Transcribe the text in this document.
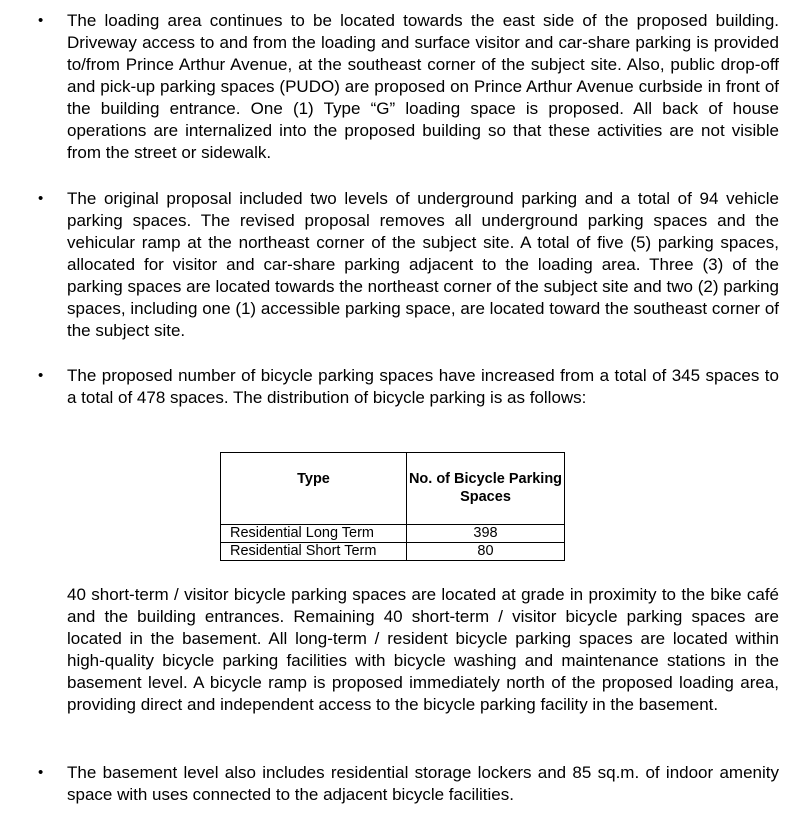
• The loading area continues to be located towards the east side of the proposed building. Driveway access to and from the loading and surface visitor and car-share parking is provided to/from Prince Arthur Avenue, at the southeast corner of the subject site. Also, public drop-off and pick-up parking spaces (PUDO) are proposed on Prince Arthur Avenue curbside in front of the building entrance. One (1) Type “G” loading space is proposed. All back of house operations are internalized into the proposed building so that these activities are not visible from the street or sidewalk.

• The original proposal included two levels of underground parking and a total of 94 vehicle parking spaces. The revised proposal removes all underground parking spaces and the vehicular ramp at the northeast corner of the subject site. A total of five (5) parking spaces, allocated for visitor and car-share parking adjacent to the loading area. Three (3) of the parking spaces are located towards the northeast corner of the subject site and two (2) parking spaces, including one (1) accessible parking space, are located toward the southeast corner of the subject site.

• The proposed number of bicycle parking spaces have increased from a total of 345 spaces to a total of 478 spaces. The distribution of bicycle parking is as follows:

Type	No. of Bicycle Parking Spaces
Residential Long Term	398
Residential Short Term	80

40 short-term / visitor bicycle parking spaces are located at grade in proximity to the bike café and the building entrances. Remaining 40 short-term / visitor bicycle parking spaces are located in the basement. All long-term / resident bicycle parking spaces are located within high-quality bicycle parking facilities with bicycle washing and maintenance stations in the basement level. A bicycle ramp is proposed immediately north of the proposed loading area, providing direct and independent access to the bicycle parking facility in the basement.

• The basement level also includes residential storage lockers and 85 sq.m. of indoor amenity space with uses connected to the adjacent bicycle facilities.
